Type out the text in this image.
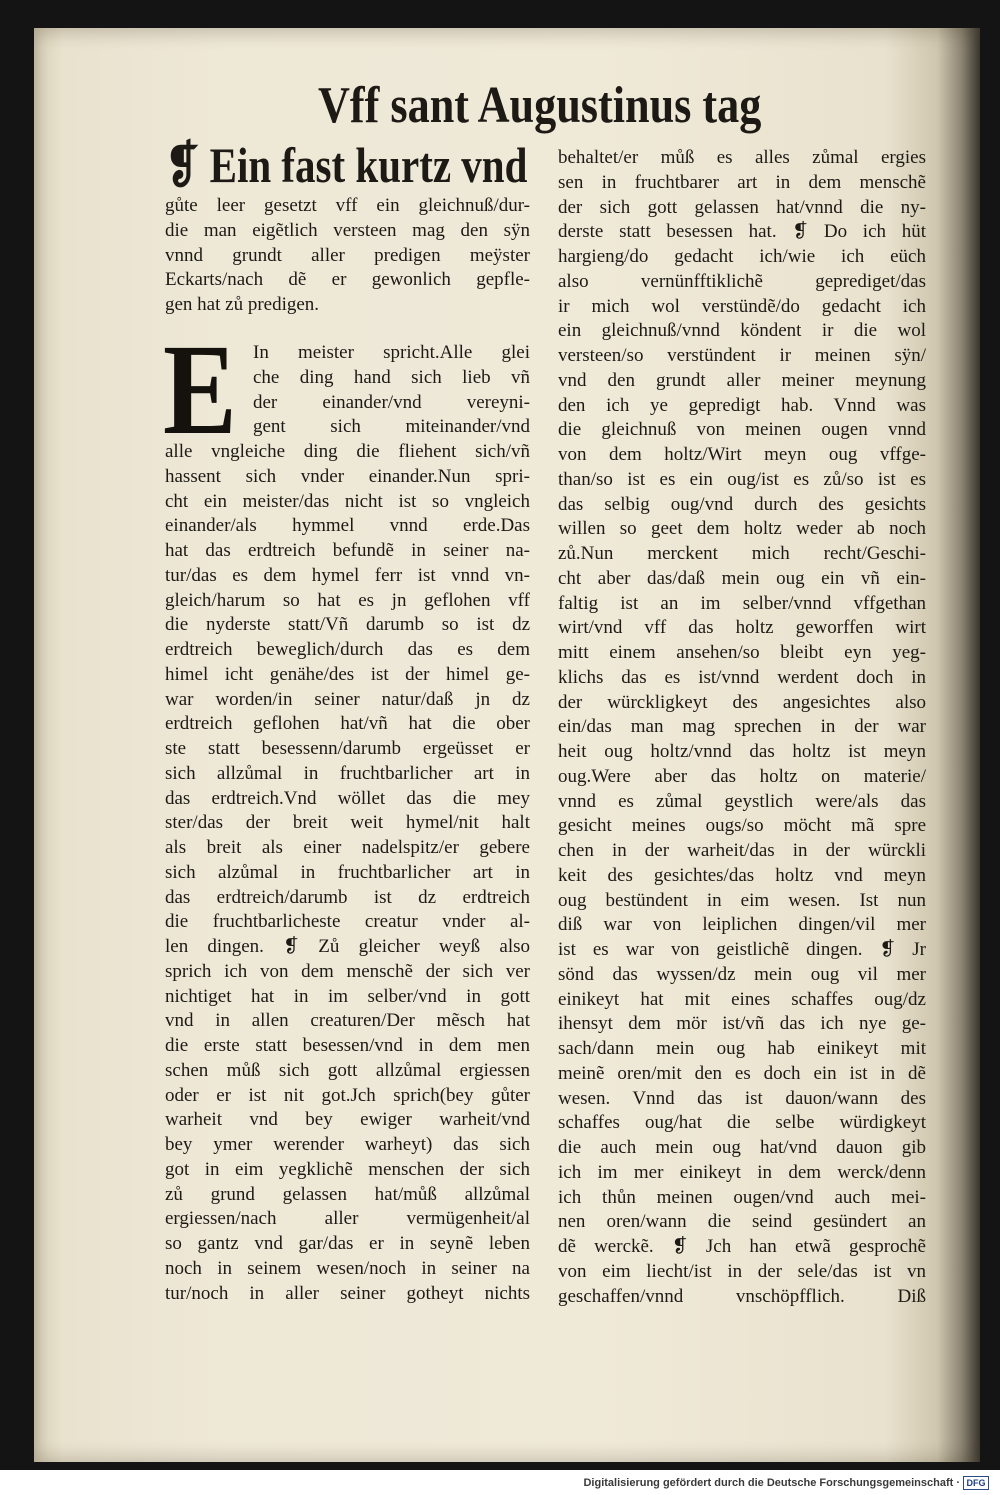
Vff sant Augustinus tag
❡ Ein fast kurtz vnd
gůte leer gesetzt vff ein gleichnuß/dur-
die man eigẽtlich versteen mag den sÿn
vnnd grundt aller predigen meÿster
Eckarts/nach dẽ er gewonlich gepfle-
gen hat zů predigen.
E In meister spricht.Alle glei
che ding hand sich lieb vñ
der einander/vnd vereyni-
gent sich miteinander/vnd
alle vngleiche ding die fliehent sich/vñ
hassent sich vnder einander.Nun spri-
cht ein meister/das nicht ist so vngleich
einander/als hymmel vnnd erde.Das
hat das erdtreich befundẽ in seiner na-
tur/das es dem hymel ferr ist vnnd vn-
gleich/harum so hat es jn geflohen vff
die nyderste statt/Vñ darumb so ist dz
erdtreich beweglich/durch das es dem
himel icht genähe/des ist der himel ge-
war worden/in seiner natur/daß jn dz
erdtreich geflohen hat/vñ hat die ober
ste statt besessenn/darumb ergeüsset er
sich allzůmal in fruchtbarlicher art in
das erdtreich.Vnd wöllet das die mey
ster/das der breit weit hymel/nit halt
als breit als einer nadelspitz/er gebere
sich alzůmal in fruchtbarlicher art in
das erdtreich/darumb ist dz erdtreich
die fruchtbarlicheste creatur vnder al-
len dingen. ❡ Zů gleicher weyß also
sprich ich von dem menschẽ der sich ver
nichtiget hat in im selber/vnd in gott
vnd in allen creaturen/Der mẽsch hat
die erste statt besessen/vnd in dem men
schen můß sich gott allzůmal ergiessen
oder er ist nit got.Jch sprich(bey gůter
warheit vnd bey ewiger warheit/vnd
bey ymer werender warheyt) das sich
got in eim yegklichẽ menschen der sich
zů grund gelassen hat/můß allzůmal
ergiessen/nach aller vermügenheit/al
so gantz vnd gar/das er in seynẽ leben
noch in seinem wesen/noch in seiner na
tur/noch in aller seiner gotheyt nichts
behaltet/er můß es alles zůmal ergies
sen in fruchtbarer art in dem menschẽ
der sich gott gelassen hat/vnnd die ny-
derste statt besessen hat. ❡ Do ich hüt
hargieng/do gedacht ich/wie ich eüch
also vernünfftiklichẽ geprediget/das
ir mich wol verstündẽ/do gedacht ich
ein gleichnuß/vnnd köndent ir die wol
versteen/so verstündent ir meinen sÿn/
vnd den grundt aller meiner meynung
den ich ye gepredigt hab. Vnnd was
die gleichnuß von meinen ougen vnnd
von dem holtz/Wirt meyn oug vffge-
than/so ist es ein oug/ist es zů/so ist es
das selbig oug/vnd durch des gesichts
willen so geet dem holtz weder ab noch
zů.Nun merckent mich recht/Geschi-
cht aber das/daß mein oug ein vñ ein-
faltig ist an im selber/vnnd vffgethan
wirt/vnd vff das holtz geworffen wirt
mitt einem ansehen/so bleibt eyn yeg-
klichs das es ist/vnnd werdent doch in
der würckligkeyt des angesichtes also
ein/das man mag sprechen in der war
heit oug holtz/vnnd das holtz ist meyn
oug.Were aber das holtz on materie/
vnnd es zůmal geystlich were/als das
gesicht meines ougs/so möcht mã spre
chen in der warheit/das in der würckli
keit des gesichtes/das holtz vnd meyn
oug bestündent in eim wesen. Ist nun
diß war von leiplichen dingen/vil mer
ist es war von geistlichẽ dingen. ❡ Jr
sönd das wyssen/dz mein oug vil mer
einikeyt hat mit eines schaffes oug/dz
ihensyt dem mör ist/vñ das ich nye ge-
sach/dann mein oug hab einikeyt mit
meinẽ oren/mit den es doch ein ist in dẽ
wesen. Vnnd das ist dauon/wann des
schaffes oug/hat die selbe würdigkeyt
die auch mein oug hat/vnd dauon gib
ich im mer einikeyt in dem werck/denn
ich thůn meinen ougen/vnd auch mei-
nen oren/wann die seind gesündert an
dẽ werckẽ. ❡ Jch han etwã gesprochẽ
von eim liecht/ist in der sele/das ist vn
geschaffen/vnnd vnschöpfflich. Diß
Digitalisierung gefördert durch die Deutsche Forschungsgemeinschaft · DFG
